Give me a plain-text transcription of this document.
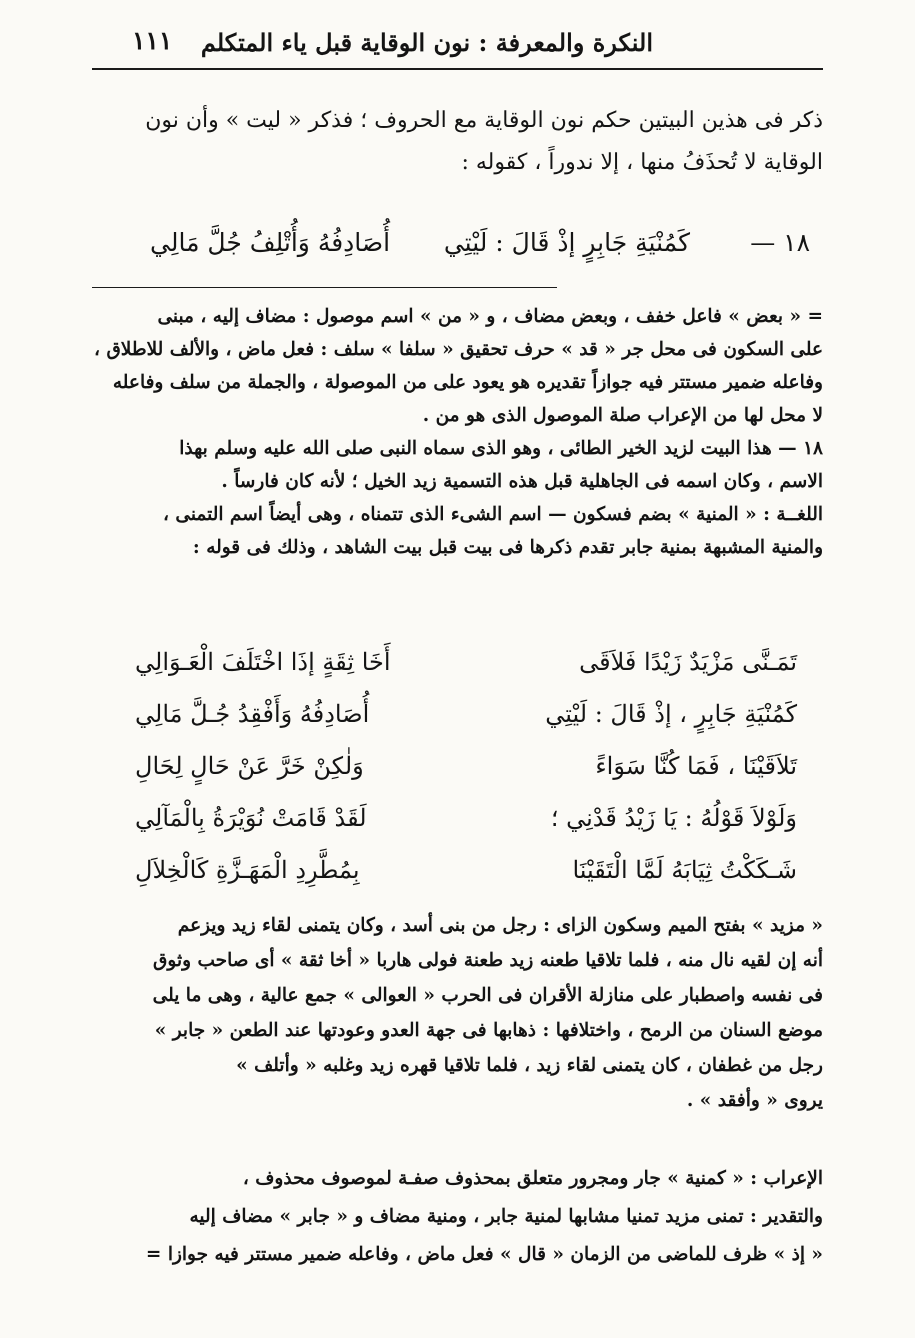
النكرة والمعرفة : نون الوقاية قبل ياء المتكلم
١١١

ذكر فى هذين البيتين حكم نون الوقاية مع الحروف ؛ فذكر « ليت » وأن نون

الوقاية لا تُحذَفُ منها ، إلا ندوراً ، كقوله :

١٨ —
كَمُنْيَةِ جَابِرٍ إذْ قَالَ : لَيْتِي
أُصَادِفُهُ وَأُتْلِفُ جُلَّ مَالِي

= « بعض » فاعل خفف ، وبعض مضاف ، و « من » اسم موصول : مضاف إليه ، مبنى

على السكون فى محل جر « قد » حرف تحقيق « سلفا » سلف : فعل ماض ، والألف للاطلاق ،

وفاعله ضمير مستتر فيه جوازاً تقديره هو يعود على من الموصولة ، والجملة من سلف وفاعله

لا محل لها من الإعراب صلة الموصول الذى هو من .

١٨ — هذا البيت لزيد الخير الطائى ، وهو الذى سماه النبى صلى الله عليه وسلم بهذا

الاسم ، وكان اسمه فى الجاهلية قبل هذه التسمية زيد الخيل ؛ لأنه كان فارساً .

اللغــة : « المنية » بضم فسكون — اسم الشىء الذى تتمناه ، وهى أيضاً اسم التمنى ،

والمنية المشبهة بمنية جابر تقدم ذكرها فى بيت قبل بيت الشاهد ، وذلك فى قوله :

تَمَـنَّى مَزْيَدٌ زَيْدًا فَلاَقَى
أَخَا ثِقَةٍ إذَا اخْتَلَفَ الْعَـوَالِي
كَمُنْيَةِ جَابِرٍ ، إذْ قَالَ : لَيْتِي
أُصَادِفُهُ وَأَفْقِدُ جُـلَّ مَالِي
تَلاَقَيْنَا ، فَمَا كُنَّا سَوَاءً
وَلٰكِنْ خَرَّ عَنْ حَالٍ لِحَالِ
وَلَوْلاَ قَوْلُهُ : يَا زَيْدُ قَدْنِي ؛
لَقَدْ قَامَتْ نُوَيْرَةُ بِالْمَآلِي
شَـكَكْتُ ثِيَابَهُ لَمَّا الْتَقَيْنَا
بِمُطَّرِدِ الْمَهَـزَّةِ كَالْخِلاَلِ

« مزيد » بفتح الميم وسكون الزاى : رجل من بنى أسد ، وكان يتمنى لقاء زيد ويزعم

أنه إن لقيه نال منه ، فلما تلاقيا طعنه زيد طعنة فولى هاربا « أخا ثقة » أى صاحب وثوق

فى نفسه واصطبار على منازلة الأقران فى الحرب « العوالى » جمع عالية ، وهى ما يلى

موضع السنان من الرمح ، واختلافها : ذهابها فى جهة العدو وعودتها عند الطعن « جابر »

رجل من غطفان ، كان يتمنى لقاء زيد ، فلما تلاقيا قهره زيد وغلبه « وأتلف »

يروى « وأفقد » .

الإعراب : « كمنية » جار ومجرور متعلق بمحذوف صفـة لموصوف محذوف ،

والتقدير : تمنى مزيد تمنيا مشابها لمنية جابر ، ومنية مضاف و « جابر » مضاف إليه

« إذ » ظرف للماضى من الزمان « قال » فعل ماض ، وفاعله ضمير مستتر فيه جوازا =
